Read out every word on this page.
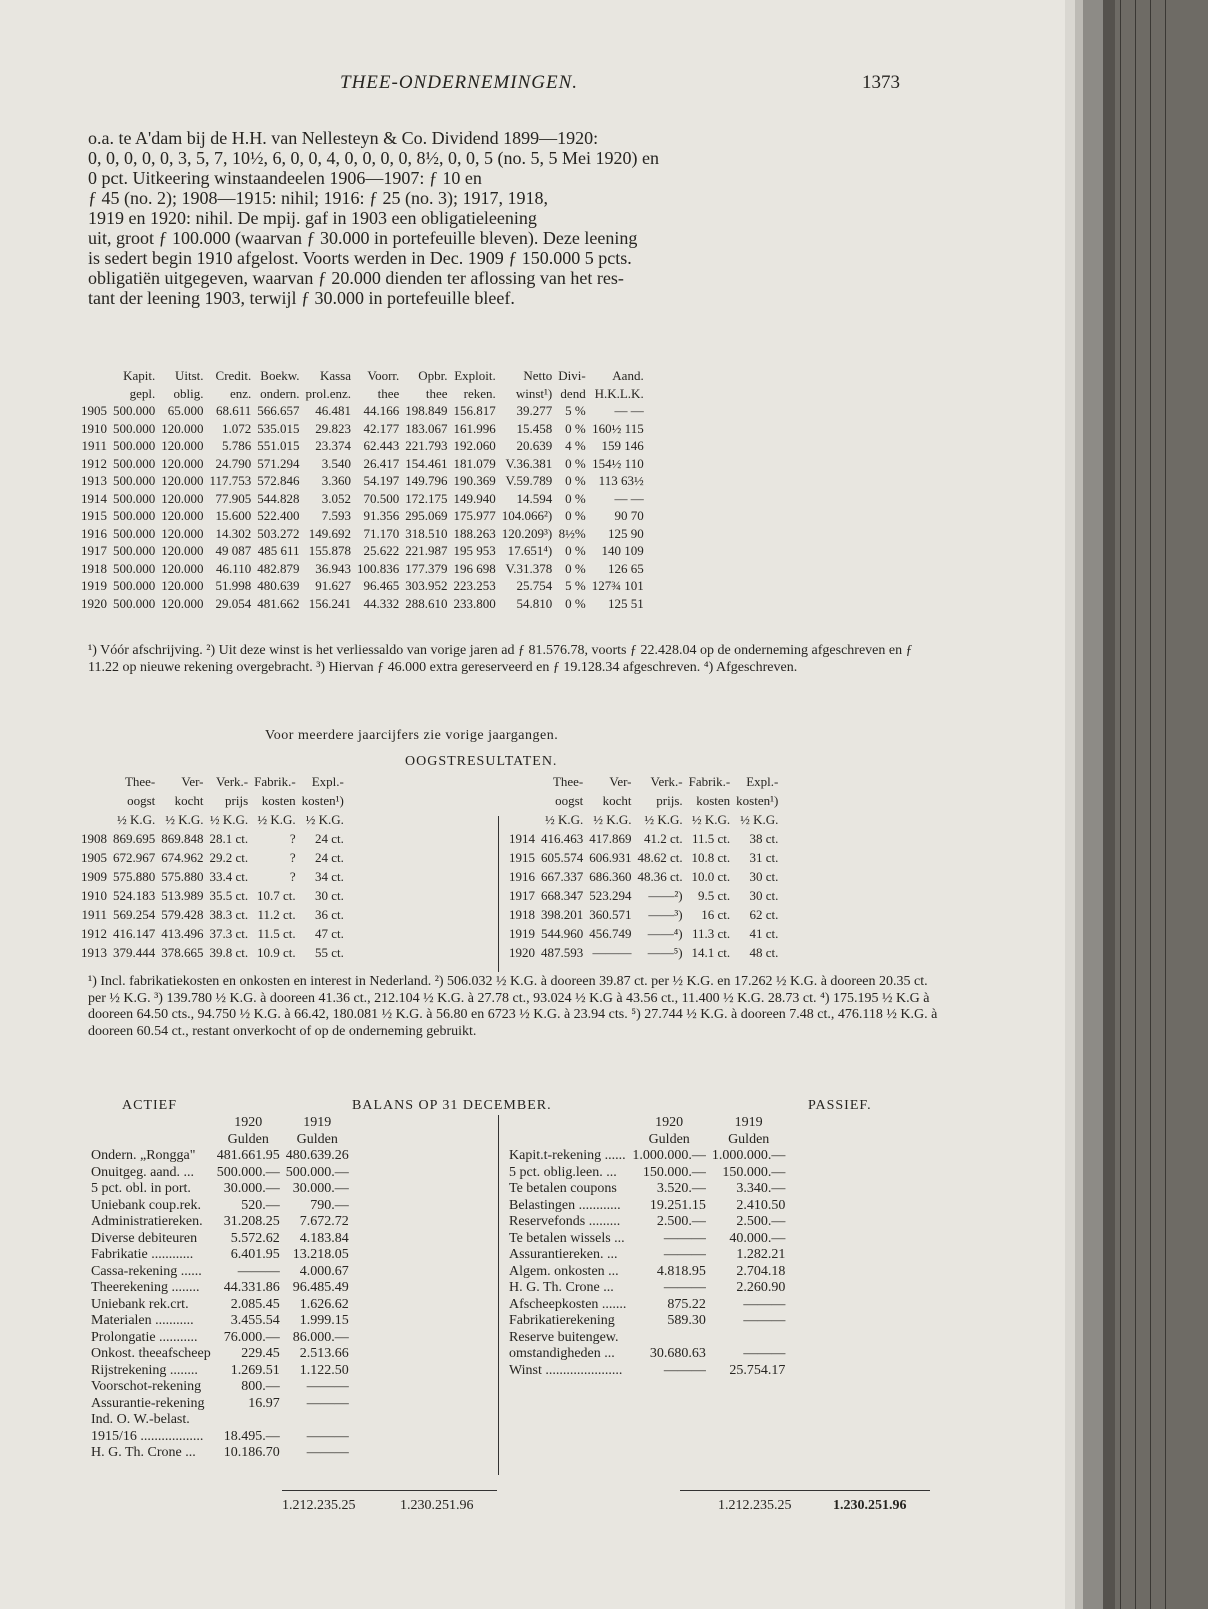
THEE-ONDERNEMINGEN.	1373
o.a. te A'dam bij de H.H. van Nellesteyn & Co. Dividend 1899—1920:
0, 0, 0, 0, 0, 3, 5, 7, 10½, 6, 0, 0, 4, 0, 0, 0, 0, 8½, 0, 0, 5 (no. 5, 5 Mei 1920) en
0 pct. Uitkeering winstaandeelen 1906—1907: ƒ 10 en
ƒ 45 (no. 2); 1908—1915: nihil; 1916: ƒ 25 (no. 3); 1917, 1918,
1919 en 1920: nihil. De mpij. gaf in 1903 een obligatieleening
uit, groot ƒ 100.000 (waarvan ƒ 30.000 in portefeuille bleven). Deze leening
is sedert begin 1910 afgelost. Voorts werden in Dec. 1909 ƒ 150.000 5 pcts.
obligatiën uitgegeven, waarvan ƒ 20.000 dienden ter aflossing van het res-
tant der leening 1903, terwijl ƒ 30.000 in portefeuille bleef.
	Kapit.	Uitst.	Credit.	Boekw.	Kassa	Voorr.	Opbr.	Exploit.	Netto	Divi-	Aand.
	gepl.	oblig.	enz.	ondern.	prol.enz.	thee	thee	reken.	winst¹)	dend	H.K.L.K.
1905	500.000	65.000	68.611	566.657	46.481	44.166	198.849	156.817	39.277	5 %	— —
1910	500.000	120.000	1.072	535.015	29.823	42.177	183.067	161.996	15.458	0 %	160½ 115
1911	500.000	120.000	5.786	551.015	23.374	62.443	221.793	192.060	20.639	4 %	159 146
1912	500.000	120.000	24.790	571.294	3.540	26.417	154.461	181.079	V.36.381	0 %	154½ 110
1913	500.000	120.000	117.753	572.846	3.360	54.197	149.796	190.369	V.59.789	0 %	113 63½
1914	500.000	120.000	77.905	544.828	3.052	70.500	172.175	149.940	14.594	0 %	— —
1915	500.000	120.000	15.600	522.400	7.593	91.356	295.069	175.977	104.066²)	0 %	90 70
1916	500.000	120.000	14.302	503.272	149.692	71.170	318.510	188.263	120.209³)	8½%	125 90
1917	500.000	120.000	49 087	485 611	155.878	25.622	221.987	195 953	17.651⁴)	0 %	140 109
1918	500.000	120.000	46.110	482.879	36.943	100.836	177.379	196 698	V.31.378	0 %	126 65
1919	500.000	120.000	51.998	480.639	91.627	96.465	303.952	223.253	25.754	5 %	127¾ 101
1920	500.000	120.000	29.054	481.662	156.241	44.332	288.610	233.800	54.810	0 %	125 51
¹) Vóór afschrijving. ²) Uit deze winst is het verliessaldo van vorige jaren ad ƒ 81.576.78, voorts ƒ 22.428.04 op de onderneming afgeschreven en ƒ 11.22 op nieuwe rekening overgebracht. ³) Hiervan ƒ 46.000 extra gereserveerd en ƒ 19.128.34 afgeschreven. ⁴) Afgeschreven.
Voor meerdere jaarcijfers zie vorige jaargangen.
OOGSTRESULTATEN.
	Thee-	Ver-	Verk.-	Fabrik.-	Expl.-
	oogst	kocht	prijs	kosten	kosten¹)
	½ K.G.	½ K.G.	½ K.G.	½ K.G.	½ K.G.
1908	869.695	869.848	28.1 ct.	?	24 ct.
1905	672.967	674.962	29.2 ct.	?	24 ct.
1909	575.880	575.880	33.4 ct.	?	34 ct.
1910	524.183	513.989	35.5 ct.	10.7 ct.	30 ct.
1911	569.254	579.428	38.3 ct.	11.2 ct.	36 ct.
1912	416.147	413.496	37.3 ct.	11.5 ct.	47 ct.
1913	379.444	378.665	39.8 ct.	10.9 ct.	55 ct.
	Thee-	Ver-	Verk.-	Fabrik.-	Expl.-
	oogst	kocht	prijs.	kosten	kosten¹)
	½ K.G.	½ K.G.	½ K.G.	½ K.G.	½ K.G.
1914	416.463	417.869	41.2 ct.	11.5 ct.	38 ct.
1915	605.574	606.931	48.62 ct.	10.8 ct.	31 ct.
1916	667.337	686.360	48.36 ct.	10.0 ct.	30 ct.
1917	668.347	523.294	——²)	9.5 ct.	30 ct.
1918	398.201	360.571	——³)	16 ct.	62 ct.
1919	544.960	456.749	——⁴)	11.3 ct.	41 ct.
1920	487.593	———	——⁵)	14.1 ct.	48 ct.
¹) Incl. fabrikatiekosten en onkosten en interest in Nederland. ²) 506.032 ½ K.G. à dooreen 39.87 ct. per ½ K.G. en 17.262 ½ K.G. à dooreen 20.35 ct. per ½ K.G. ³) 139.780 ½ K.G. à dooreen 41.36 ct., 212.104 ½ K.G. à 27.78 ct., 93.024 ½ K.G à 43.56 ct., 11.400 ½ K.G. 28.73 ct. ⁴) 175.195 ½ K.G à dooreen 64.50 cts., 94.750 ½ K.G. à 66.42, 180.081 ½ K.G. à 56.80 en 6723 ½ K.G. à 23.94 cts. ⁵) 27.744 ½ K.G. à dooreen 7.48 ct., 476.118 ½ K.G. à dooreen 60.54 ct., restant onverkocht of op de onderneming gebruikt.
ACTIEF	BALANS OP 31 DECEMBER.	PASSIEF.
	1920	1919
	Gulden	Gulden
Ondern. „Rongga"	481.661.95	480.639.26
Onuitgeg. aand. ...	500.000.—	500.000.—
5 pct. obl. in port.	30.000.—	30.000.—
Uniebank coup.rek.	520.—	790.—
Administratiereken.	31.208.25	7.672.72
Diverse debiteuren	5.572.62	4.183.84
Fabrikatie ............	6.401.95	13.218.05
Cassa-rekening ......	———	4.000.67
Theerekening ........	44.331.86	96.485.49
Uniebank rek.crt.	2.085.45	1.626.62
Materialen ...........	3.455.54	1.999.15
Prolongatie ...........	76.000.—	86.000.—
Onkost. theeafscheep	229.45	2.513.66
Rijstrekening ........	1.269.51	1.122.50
Voorschot-rekening	800.—	———
Assurantie-rekening	16.97	———
Ind. O. W.-belast.		
1915/16 ..................	18.495.—	———
H. G. Th. Crone ...	10.186.70	———
	1920	1919
	Gulden	Gulden
Kapit.t-rekening ......	1.000.000.—	1.000.000.—
5 pct. oblig.leen. ...	150.000.—	150.000.—
Te betalen coupons	3.520.—	3.340.—
Belastingen ............	19.251.15	2.410.50
Reservefonds .........	2.500.—	2.500.—
Te betalen wissels ...	———	40.000.—
Assurantiereken. ...	———	1.282.21
Algem. onkosten ...	4.818.95	2.704.18
H. G. Th. Crone ...	———	2.260.90
Afscheepkosten .......	875.22	———
Fabrikatierekening	589.30	———
Reserve buitengew.		
omstandigheden ...	30.680.63	———
Winst ......................	———	25.754.17
1.212.235.25	1.230.251.96	1.212.235.25	1.230.251.96
